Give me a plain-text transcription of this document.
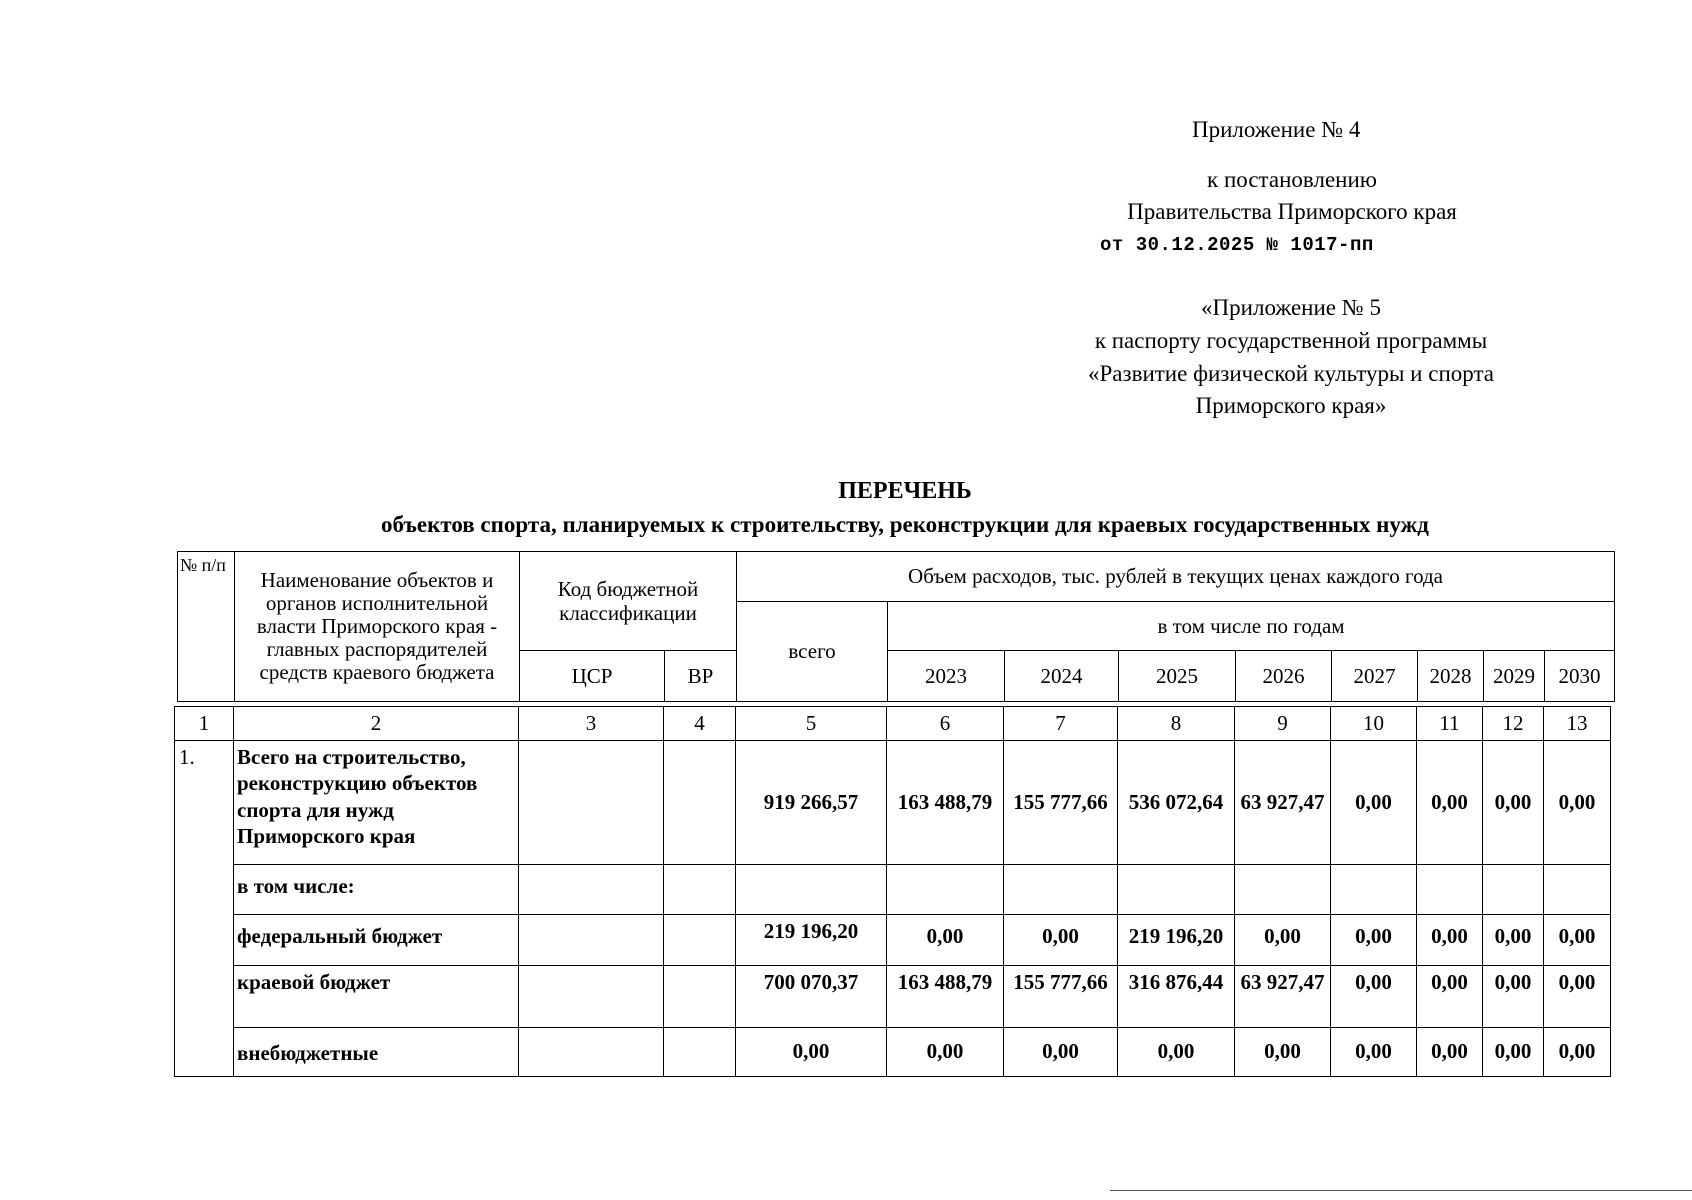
Приложение № 4
к постановлению
Правительства Приморского края
от 30.12.2025 № 1017-пп
«Приложение № 5
к паспорту государственной программы
«Развитие физической культуры и спорта
Приморского края»
ПЕРЕЧЕНЬ
объектов спорта, планируемых к строительству, реконструкции для краевых государственных нужд
№ п/п	Наименование объектов и органов исполнительной власти Приморского края - главных распорядителей средств краевого бюджета	Код бюджетной классификации		Объем расходов, тыс. рублей в текущих ценах каждого года								
				всего	в том числе по годам							
		ЦСР	ВР		2023	2024	2025	2026	2027	2028	2029	2030
1	2	3	4	5	6	7	8	9	10	11	12	13
1.	Всего на строительство, реконструкцию объектов спорта для нужд Приморского края			919 266,57	163 488,79	155 777,66	536 072,64	63 927,47	0,00	0,00	0,00	0,00
	в том числе:											
	федеральный бюджет			219 196,20	0,00	0,00	219 196,20	0,00	0,00	0,00	0,00	0,00
	краевой бюджет			700 070,37	163 488,79	155 777,66	316 876,44	63 927,47	0,00	0,00	0,00	0,00
	внебюджетные			0,00	0,00	0,00	0,00	0,00	0,00	0,00	0,00	0,00
